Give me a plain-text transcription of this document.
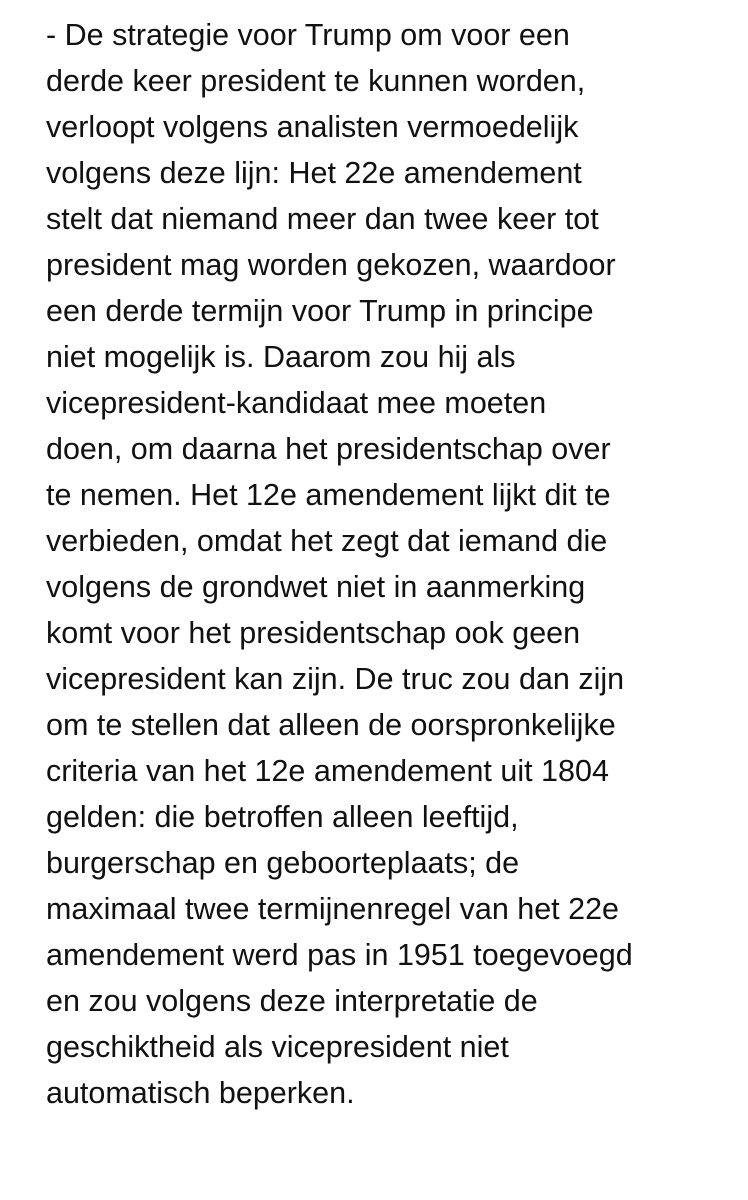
- De strategie voor Trump om voor een
derde keer president te kunnen worden,
verloopt volgens analisten vermoedelijk
volgens deze lijn: Het 22e amendement
stelt dat niemand meer dan twee keer tot
president mag worden gekozen, waardoor
een derde termijn voor Trump in principe
niet mogelijk is. Daarom zou hij als
vicepresident-kandidaat mee moeten
doen, om daarna het presidentschap over
te nemen. Het 12e amendement lijkt dit te
verbieden, omdat het zegt dat iemand die
volgens de grondwet niet in aanmerking
komt voor het presidentschap ook geen
vicepresident kan zijn. De truc zou dan zijn
om te stellen dat alleen de oorspronkelijke
criteria van het 12e amendement uit 1804
gelden: die betroffen alleen leeftijd,
burgerschap en geboorteplaats; de
maximaal twee termijnenregel van het 22e
amendement werd pas in 1951 toegevoegd
en zou volgens deze interpretatie de
geschiktheid als vicepresident niet
automatisch beperken.
